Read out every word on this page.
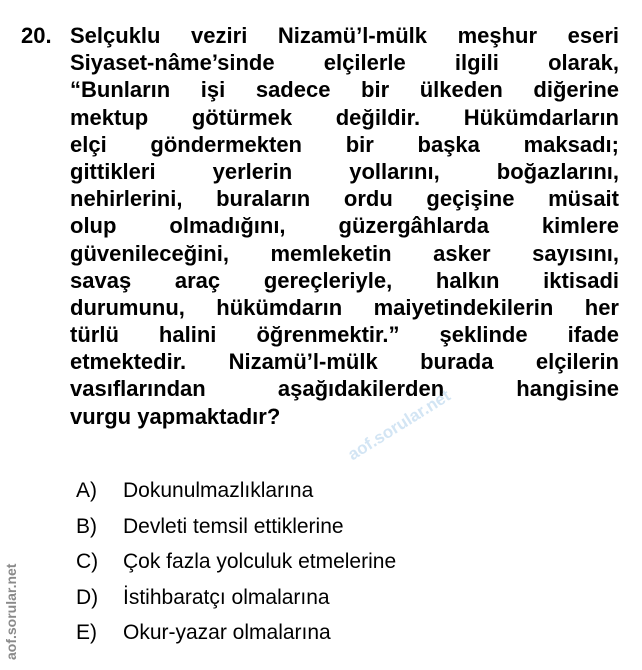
20. Selçuklu veziri Nizamü’l-mülk meşhur eseri
Siyaset-nâme’sinde elçilerle ilgili olarak,
“Bunların işi sadece bir ülkeden diğerine
mektup götürmek değildir. Hükümdarların
elçi göndermekten bir başka maksadı;
gittikleri yerlerin yollarını, boğazlarını,
nehirlerini, buraların ordu geçişine müsait
olup olmadığını, güzergâhlarda kimlere
güvenileceğini, memleketin asker sayısını,
savaş araç gereçleriyle, halkın iktisadi
durumunu, hükümdarın maiyetindekilerin her
türlü halini öğrenmektir.” şeklinde ifade
etmektedir. Nizamü’l-mülk burada elçilerin
vasıflarından aşağıdakilerden hangisine
vurgu yapmaktadır?
A)	Dokunulmazlıklarına
B)	Devleti temsil ettiklerine
C)	Çok fazla yolculuk etmelerine
D)	İstihbaratçı olmalarına
E)	Okur-yazar olmalarına
aof.sorular.net
aof.sorular.net
